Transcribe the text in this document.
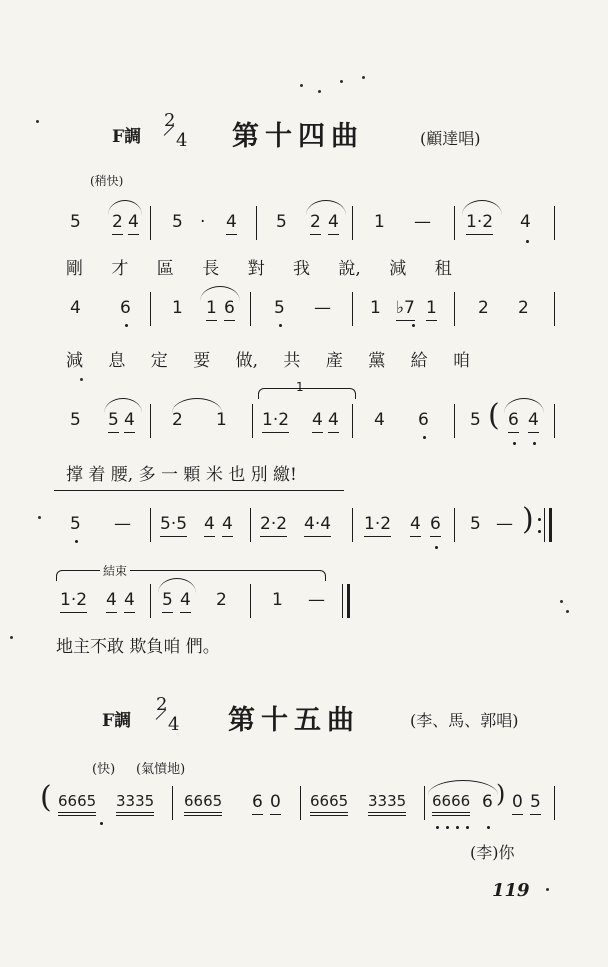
F調
2
4 第十四曲	(顧達唱)
(稍快)
5 2 4 5 · 4 5 2 4 1 — 1·2 4
剛 才 區 長 對 我 說, 減 租
4 6 1 1 6 5 — 1 ♭7 1 2 2
減 息 定 要 做, 共 產 黨 給 咱
5 5 4 2 1
1
1·2 4 4 4 6 5 ( 6 4
撑 着 腰, 多 一 顆 米 也 別 繳!
5 — 5·5 4 4 2·2 4·4 1·2 4 6 5 — )
結束
1·2 4 4 5 4 2	1 —
地主不敢 欺負咱 們。
F調
2
4 第十五曲	(李、馬、郭唱)
(快) (氣憤地)
( 6665 3335 6665 6 0 6665 3335 6666 6 ) 0 5
(李)你
119
